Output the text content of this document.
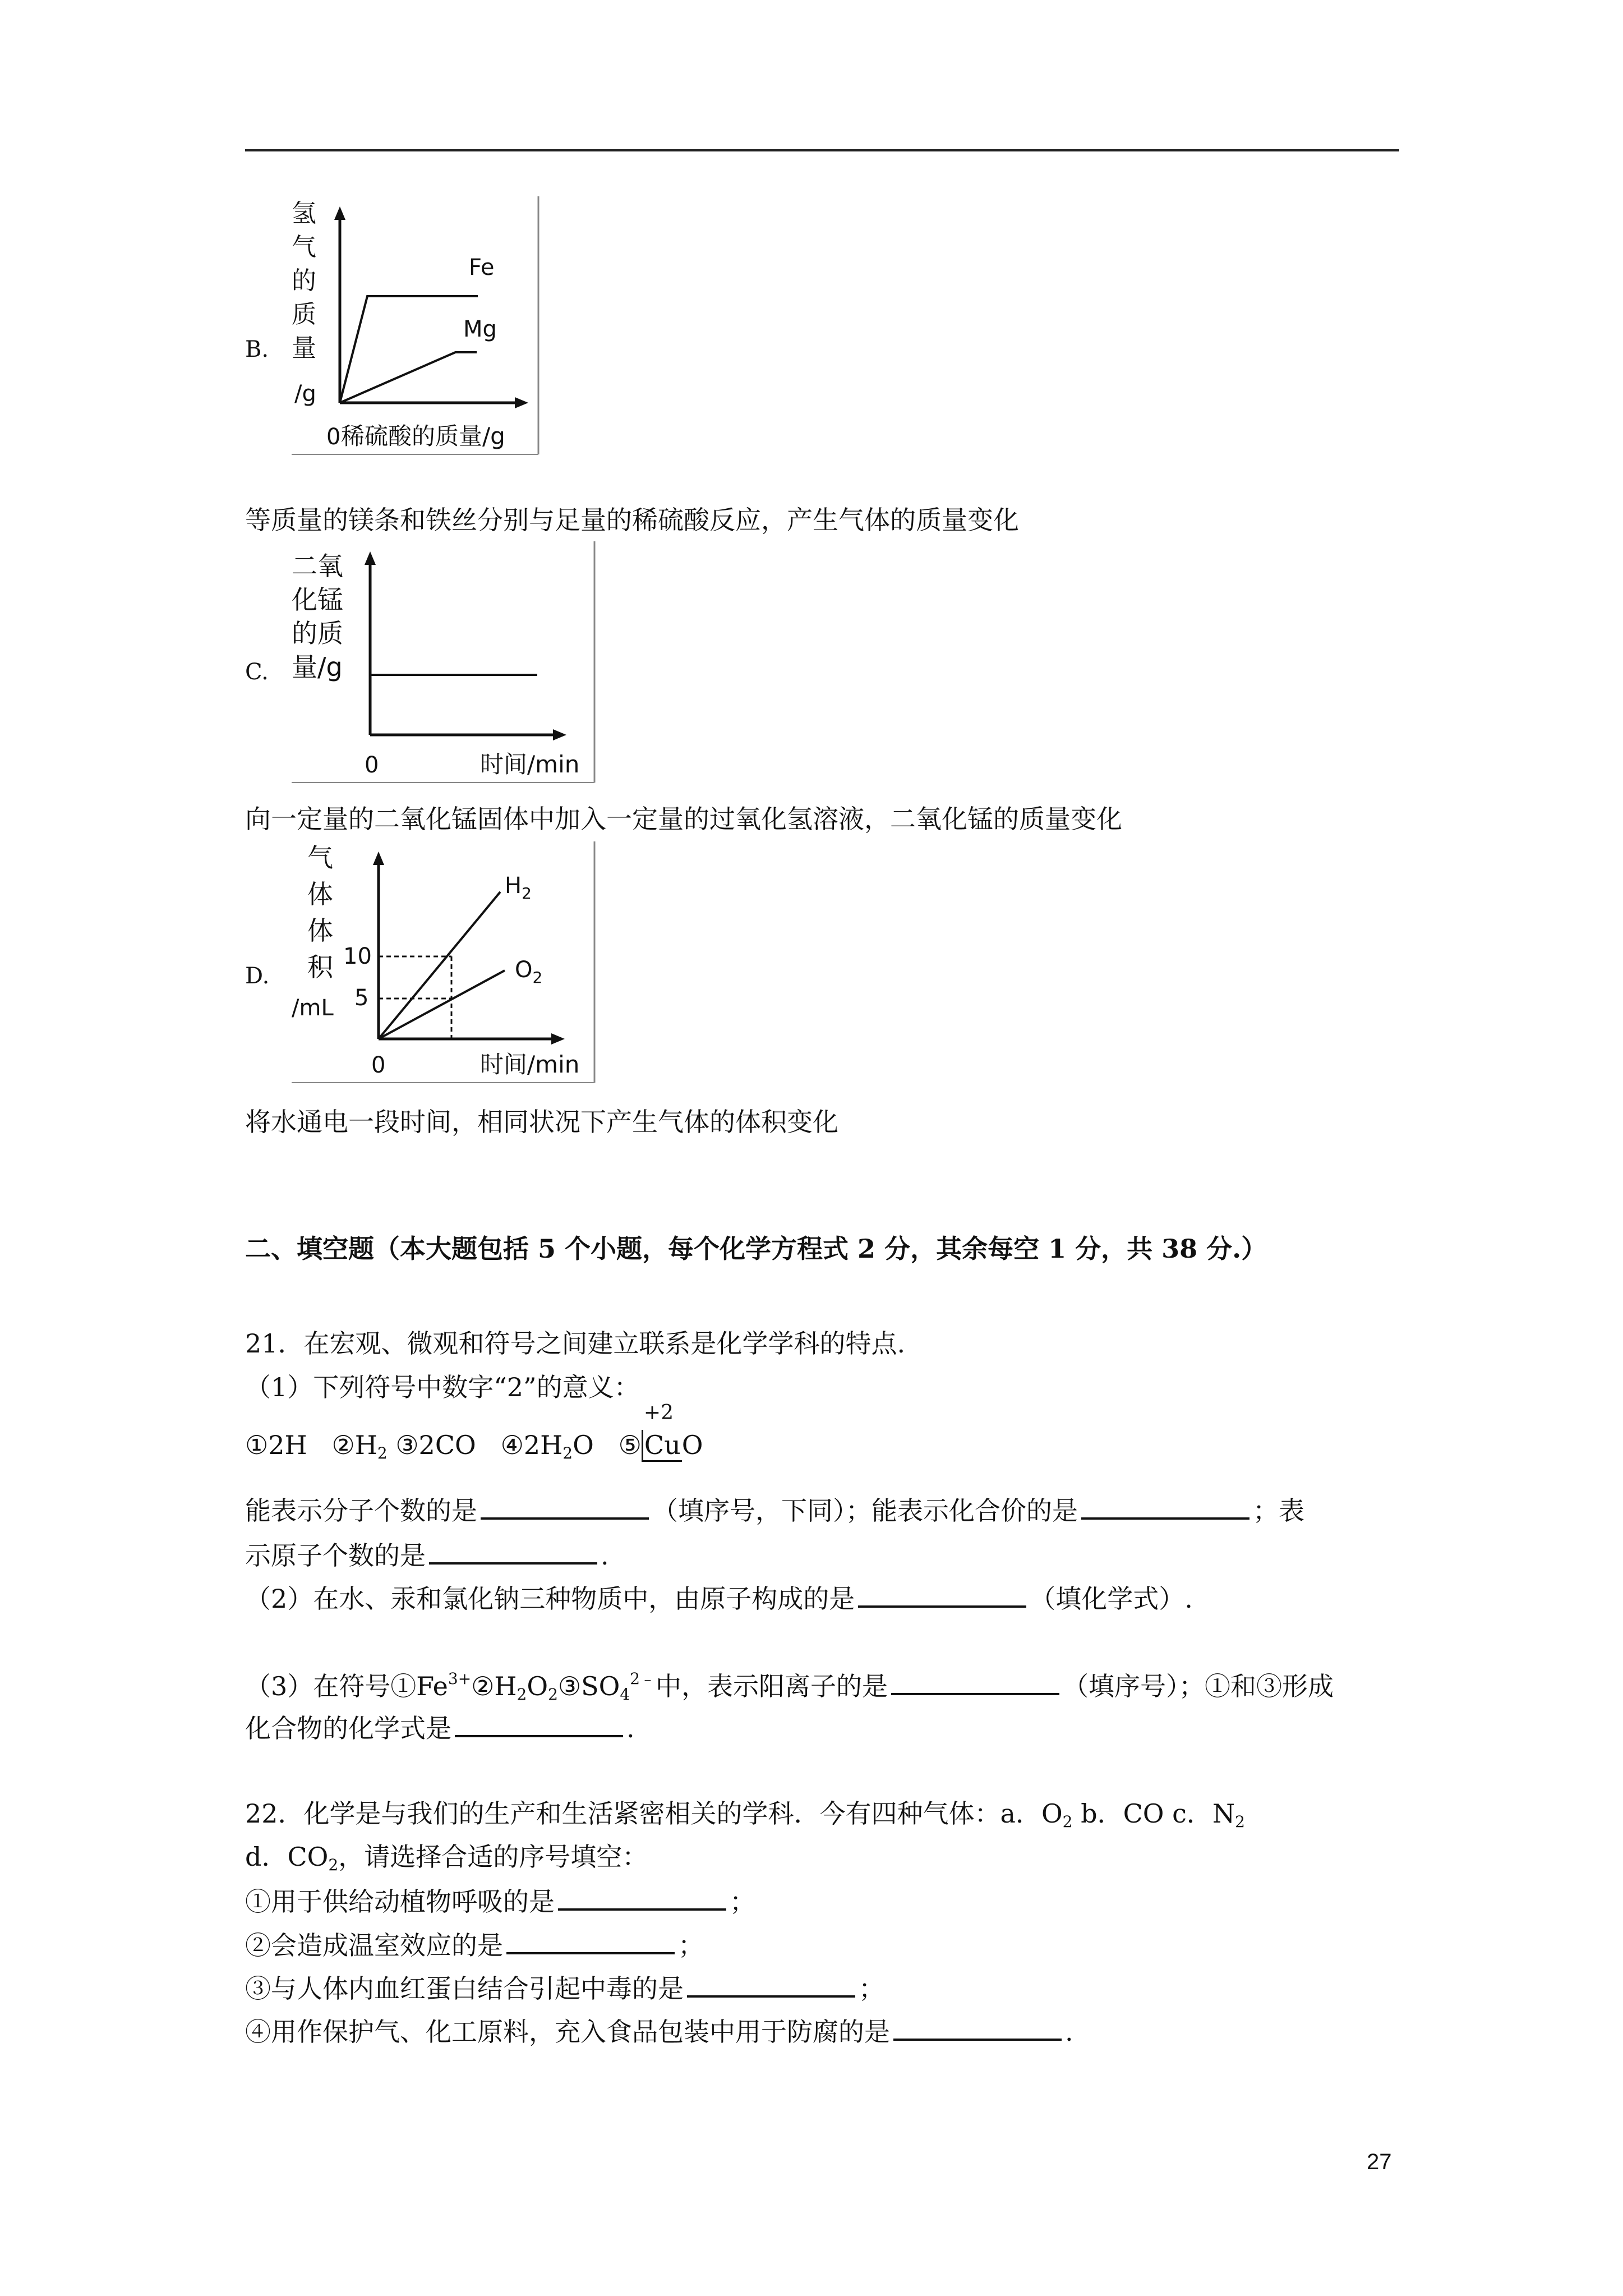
B.
氢
气
的
质
量
/g
Fe
Mg
0 稀硫酸的质量/g
等质量的镁条和铁丝分别与足量的稀硫酸反应，产生气体的质量变化
C.
二氧
化锰
的质
量/g
0	时间/min
向一定量的二氧化锰固体中加入一定量的过氧化氢溶液，二氧化锰的质量变化
D.
气
体
体
积
/mL
10
5
$H_2$
$O_2$
0	时间/min
将水通电一段时间，相同状况下产生气体的体积变化
二、填空题（本大题包括 5 个小题，每个化学方程式 2 分，其余每空 1 分，共 38 分.）
21．在宏观、微观和符号之间建立联系是化学学科的特点.
（1）下列符号中数字“2”的意义：
①2H $②H_2$ ③2CO $④2H_2O$ ⑤
+2
CuO
能表示分子个数的是	（填序号，下同）；能表示化合价的是	；表
示原子个数的是	.
（2）在水、汞和氯化钠三种物质中，由原子构成的是	（填化学式）.
（3）在符号$①Fe^{3+}②H_2O_2③SO_4^{2﹣}$中，表示阳离子的是	（填序号）；①和③形成
化合物的化学式是	.
22．化学是与我们的生产和生活紧密相关的学科．今有四种气体：a．$O_2$ b．CO c．$N_2$
d．$CO_2$，请选择合适的序号填空：
①用于供给动植物呼吸的是	；
②会造成温室效应的是	；
③与人体内血红蛋白结合引起中毒的是	；
④用作保护气、化工原料，充入食品包装中用于防腐的是	.
27
